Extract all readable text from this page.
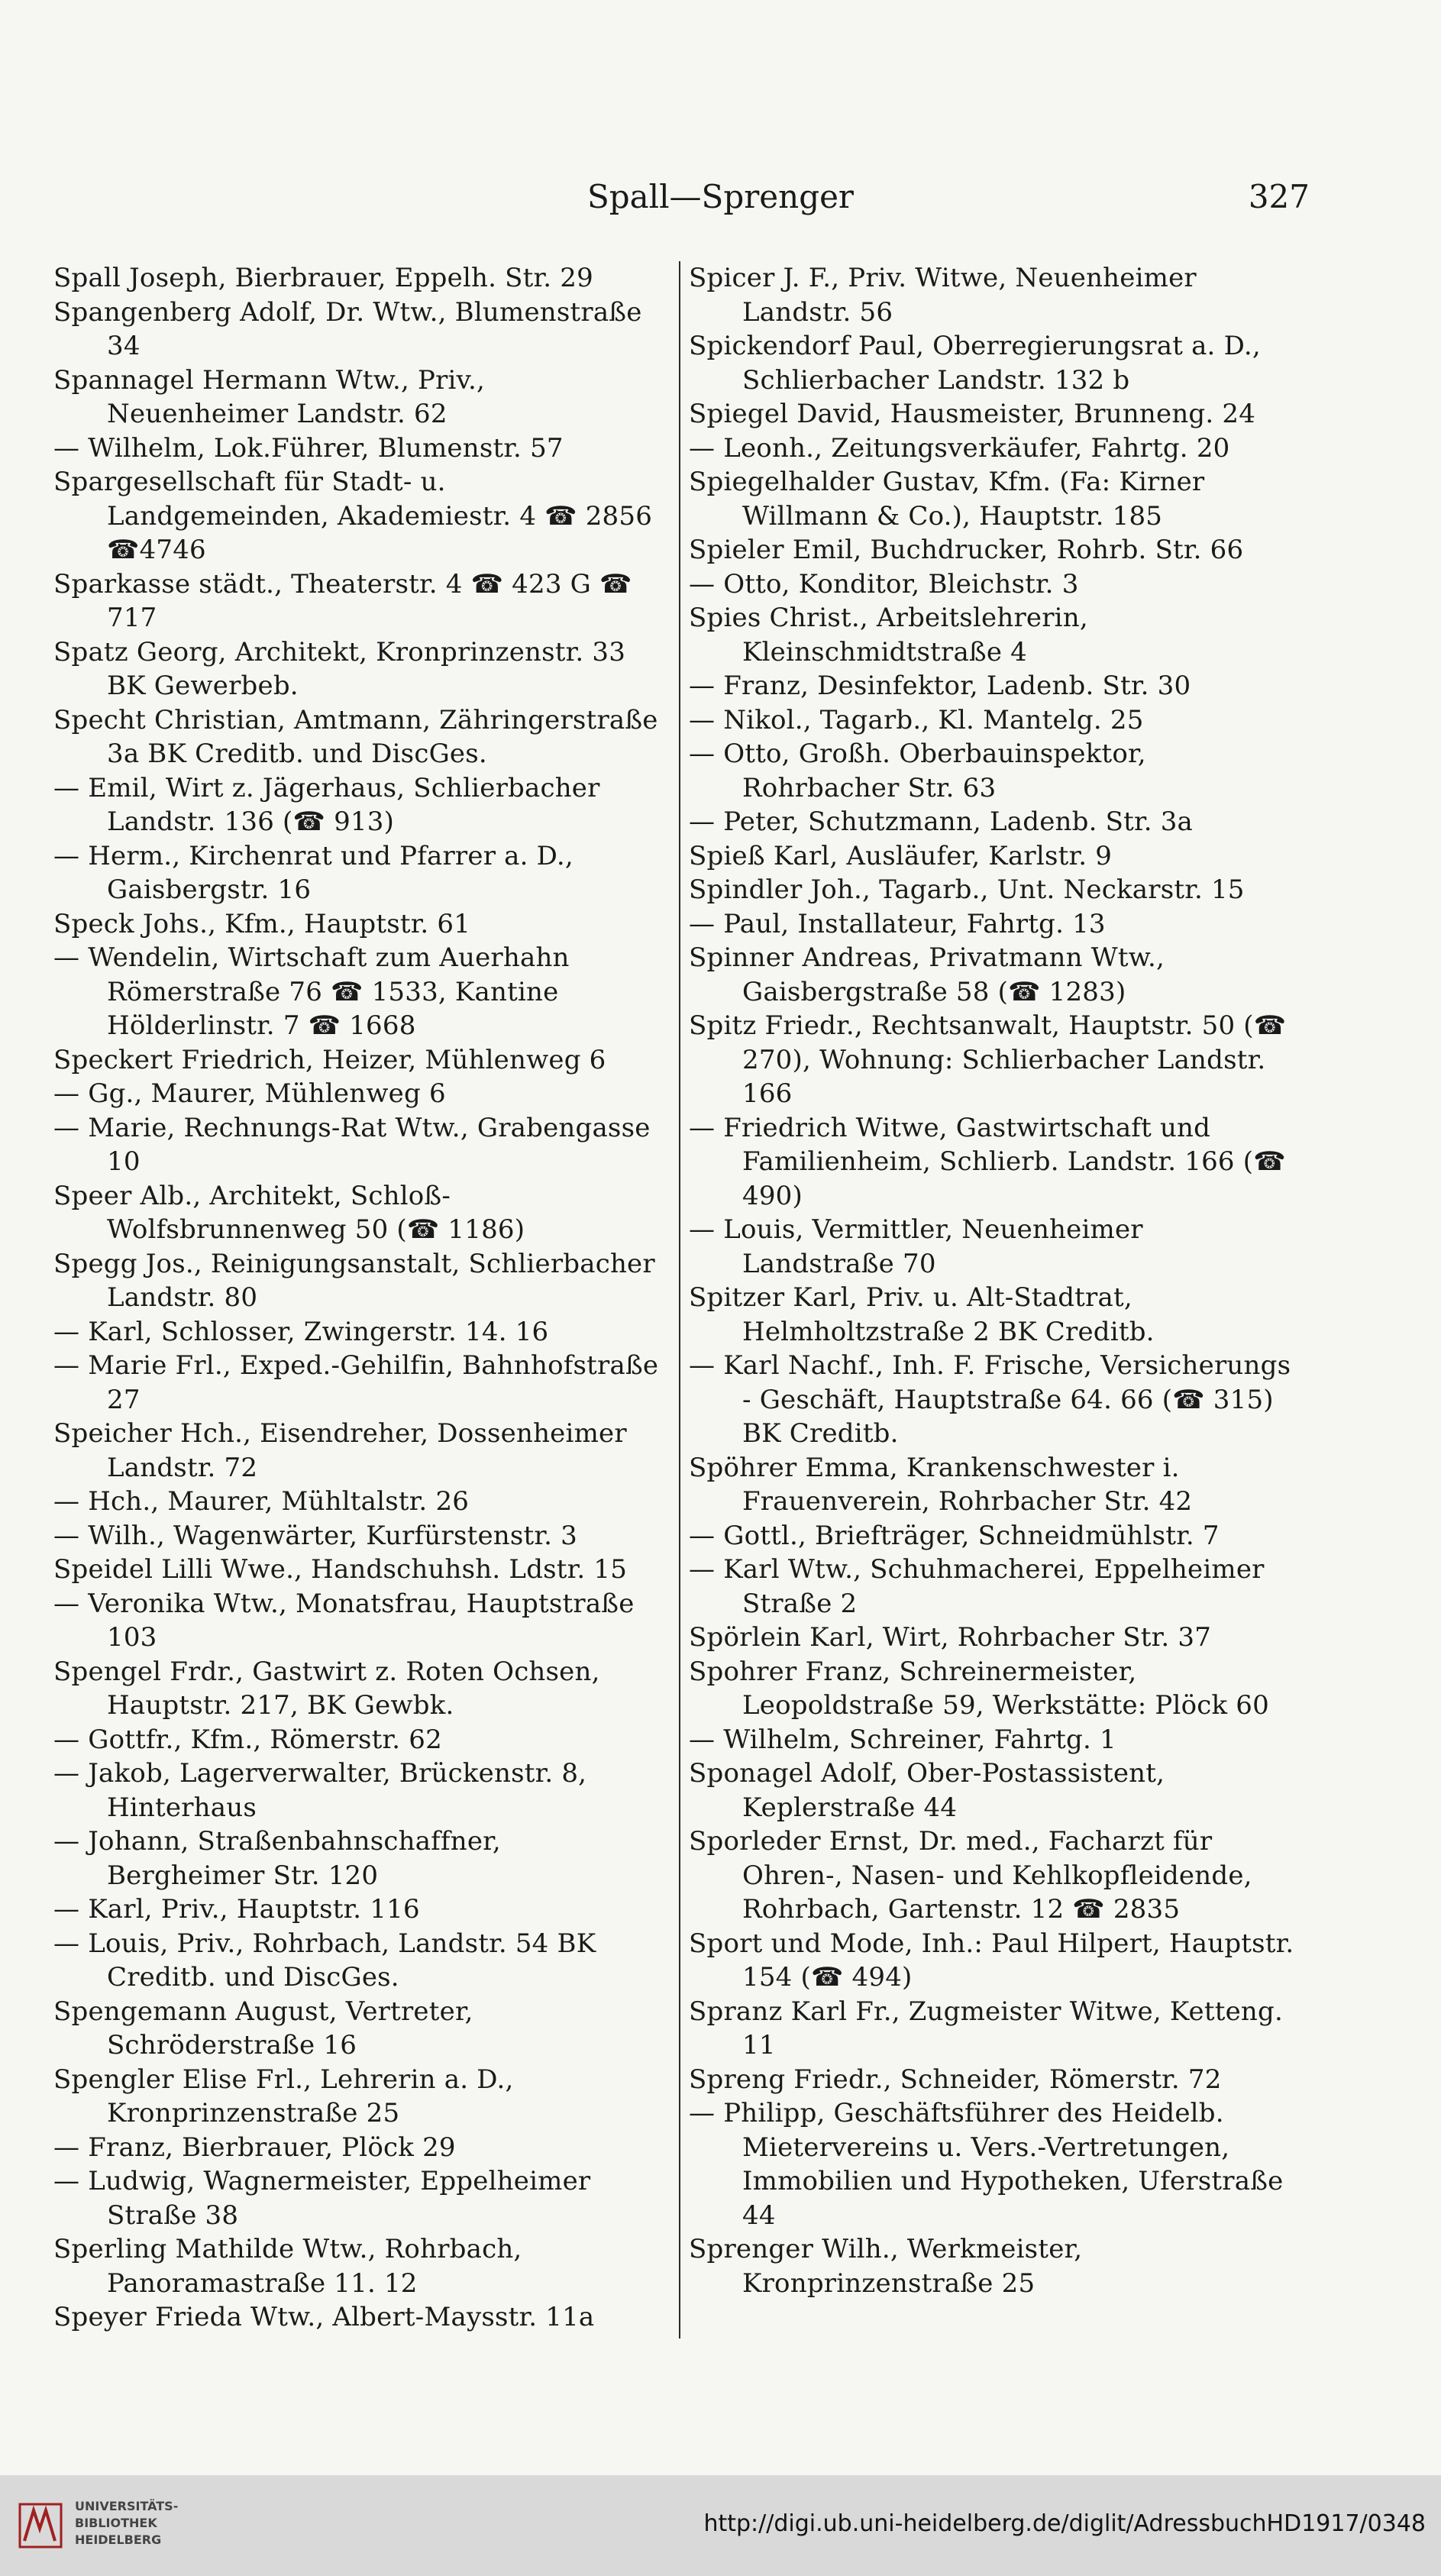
Spall—Sprenger	327

Spall Joseph, Bierbrauer, Eppelh. Str. 29

Spangenberg Adolf, Dr. Wtw., Blumenstraße 34

Spannagel Hermann Wtw., Priv., Neuenheimer Landstr. 62

— Wilhelm, Lok.Führer, Blumenstr. 57

Spargesellschaft für Stadt- u. Landgemeinden, Akademiestr. 4 ☎ 2856 ☎4746

Sparkasse städt., Theaterstr. 4 ☎ 423 G ☎ 717

Spatz Georg, Architekt, Kronprinzenstr. 33 BK Gewerbeb.

Specht Christian, Amtmann, Zähringerstraße 3a BK Creditb. und DiscGes.

— Emil, Wirt z. Jägerhaus, Schlierbacher Landstr. 136 (☎ 913)

— Herm., Kirchenrat und Pfarrer a. D., Gaisbergstr. 16

Speck Johs., Kfm., Hauptstr. 61

— Wendelin, Wirtschaft zum Auerhahn Römerstraße 76 ☎ 1533, Kantine Hölderlinstr. 7 ☎ 1668

Speckert Friedrich, Heizer, Mühlenweg 6

— Gg., Maurer, Mühlenweg 6

— Marie, Rechnungs-Rat Wtw., Grabengasse 10

Speer Alb., Architekt, Schloß-Wolfsbrunnenweg 50 (☎ 1186)

Spegg Jos., Reinigungsanstalt, Schlierbacher Landstr. 80

— Karl, Schlosser, Zwingerstr. 14. 16

— Marie Frl., Exped.-Gehilfin, Bahnhofstraße 27

Speicher Hch., Eisendreher, Dossenheimer Landstr. 72

— Hch., Maurer, Mühltalstr. 26

— Wilh., Wagenwärter, Kurfürstenstr. 3

Speidel Lilli Wwe., Handschuhsh. Ldstr. 15

— Veronika Wtw., Monatsfrau, Hauptstraße 103

Spengel Frdr., Gastwirt z. Roten Ochsen, Hauptstr. 217, BK Gewbk.

— Gottfr., Kfm., Römerstr. 62

— Jakob, Lagerverwalter, Brückenstr. 8, Hinterhaus

— Johann, Straßenbahnschaffner, Bergheimer Str. 120

— Karl, Priv., Hauptstr. 116

— Louis, Priv., Rohrbach, Landstr. 54 BK Creditb. und DiscGes.

Spengemann August, Vertreter, Schröderstraße 16

Spengler Elise Frl., Lehrerin a. D., Kronprinzenstraße 25

— Franz, Bierbrauer, Plöck 29

— Ludwig, Wagnermeister, Eppelheimer Straße 38

Sperling Mathilde Wtw., Rohrbach, Panoramastraße 11. 12

Speyer Frieda Wtw., Albert-Maysstr. 11a

Spicer J. F., Priv. Witwe, Neuenheimer Landstr. 56

Spickendorf Paul, Oberregierungsrat a. D., Schlierbacher Landstr. 132 b

Spiegel David, Hausmeister, Brunneng. 24

— Leonh., Zeitungsverkäufer, Fahrtg. 20

Spiegelhalder Gustav, Kfm. (Fa: Kirner Willmann & Co.), Hauptstr. 185

Spieler Emil, Buchdrucker, Rohrb. Str. 66

— Otto, Konditor, Bleichstr. 3

Spies Christ., Arbeitslehrerin, Kleinschmidtstraße 4

— Franz, Desinfektor, Ladenb. Str. 30

— Nikol., Tagarb., Kl. Mantelg. 25

— Otto, Großh. Oberbauinspektor, Rohrbacher Str. 63

— Peter, Schutzmann, Ladenb. Str. 3a

Spieß Karl, Ausläufer, Karlstr. 9

Spindler Joh., Tagarb., Unt. Neckarstr. 15

— Paul, Installateur, Fahrtg. 13

Spinner Andreas, Privatmann Wtw., Gaisbergstraße 58 (☎ 1283)

Spitz Friedr., Rechtsanwalt, Hauptstr. 50 (☎ 270), Wohnung: Schlierbacher Landstr. 166

— Friedrich Witwe, Gastwirtschaft und Familienheim, Schlierb. Landstr. 166 (☎ 490)

— Louis, Vermittler, Neuenheimer Landstraße 70

Spitzer Karl, Priv. u. Alt-Stadtrat, Helmholtzstraße 2 BK Creditb.

— Karl Nachf., Inh. F. Frische, Versicherungs - Geschäft, Hauptstraße 64. 66 (☎ 315) BK Creditb.

Spöhrer Emma, Krankenschwester i. Frauenverein, Rohrbacher Str. 42

— Gottl., Briefträger, Schneidmühlstr. 7

— Karl Wtw., Schuhmacherei, Eppelheimer Straße 2

Spörlein Karl, Wirt, Rohrbacher Str. 37

Spohrer Franz, Schreinermeister, Leopoldstraße 59, Werkstätte: Plöck 60

— Wilhelm, Schreiner, Fahrtg. 1

Sponagel Adolf, Ober-Postassistent, Keplerstraße 44

Sporleder Ernst, Dr. med., Facharzt für Ohren-, Nasen- und Kehlkopfleidende, Rohrbach, Gartenstr. 12 ☎ 2835

Sport und Mode, Inh.: Paul Hilpert, Hauptstr. 154 (☎ 494)

Spranz Karl Fr., Zugmeister Witwe, Ketteng. 11

Spreng Friedr., Schneider, Römerstr. 72

— Philipp, Geschäftsführer des Heidelb. Mietervereins u. Vers.-Vertretungen, Immobilien und Hypotheken, Uferstraße 44

Sprenger Wilh., Werkmeister, Kronprinzenstraße 25

UNIVERSITÄTS-
BIBLIOTHEK
HEIDELBERG
http://digi.ub.uni-heidelberg.de/diglit/AdressbuchHD1917/0348
